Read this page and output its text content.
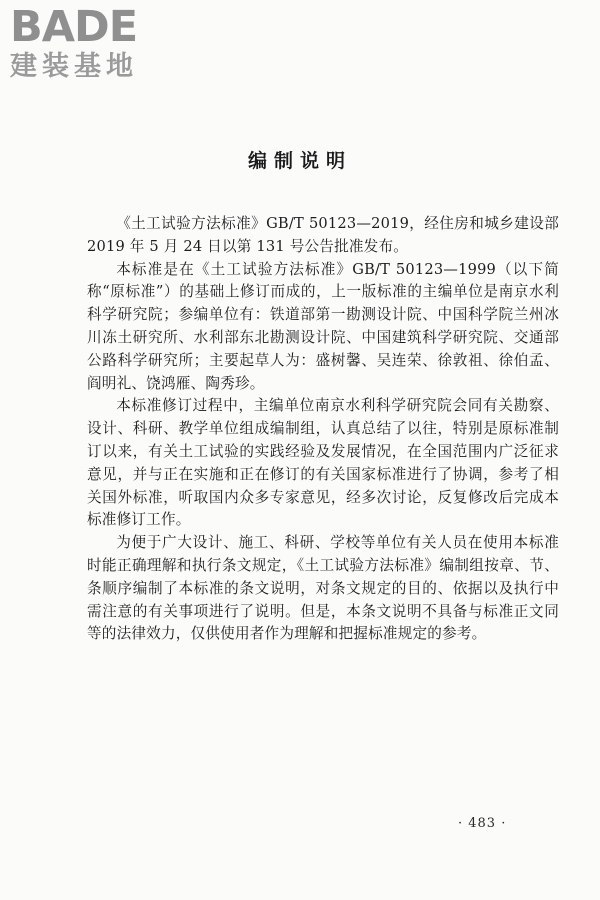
BADE
建装基地
编制说明

《土工试验方法标准》GB/T 50123—2019，经住房和城乡建设部 2019 年 5 月 24 日以第 131 号公告批准发布。

本标准是在《土工试验方法标准》GB/T 50123—1999（以下简称“原标准”）的基础上修订而成的，上一版标准的主编单位是南京水利科学研究院；参编单位有：铁道部第一勘测设计院、中国科学院兰州冰川冻土研究所、水利部东北勘测设计院、中国建筑科学研究院、交通部公路科学研究所；主要起草人为：盛树馨、吴连荣、徐敦祖、徐伯孟、阎明礼、饶鸿雁、陶秀珍。

本标准修订过程中，主编单位南京水利科学研究院会同有关勘察、设计、科研、教学单位组成编制组，认真总结了以往，特别是原标准制订以来，有关土工试验的实践经验及发展情况，在全国范围内广泛征求意见，并与正在实施和正在修订的有关国家标准进行了协调，参考了相关国外标准，听取国内众多专家意见，经多次讨论，反复修改后完成本标准修订工作。

为便于广大设计、施工、科研、学校等单位有关人员在使用本标准时能正确理解和执行条文规定，《土工试验方法标准》编制组按章、节、条顺序编制了本标准的条文说明，对条文规定的目的、依据以及执行中需注意的有关事项进行了说明。但是，本条文说明不具备与标准正文同等的法律效力，仅供使用者作为理解和把握标准规定的参考。

· 483 ·
